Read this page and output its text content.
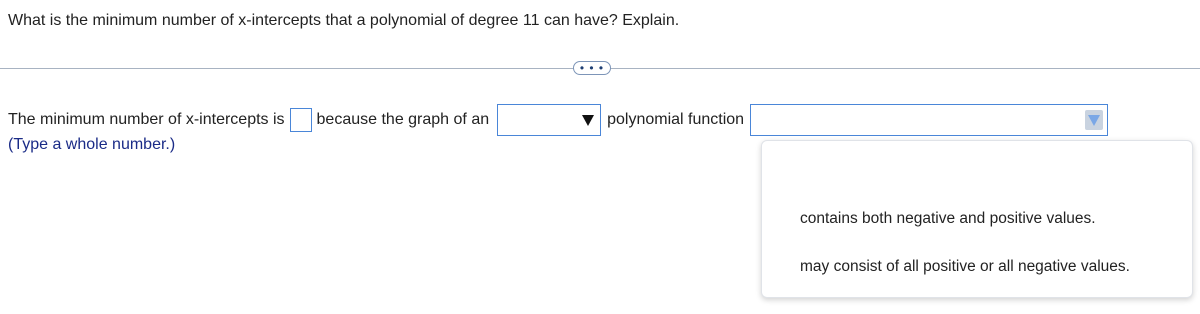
What is the minimum number of x-intercepts that a polynomial of degree 11 can have? Explain.
• • •
The minimum number of x-intercepts is because the graph of an	polynomial function
(Type a whole number.)
contains both negative and positive values.
may consist of all positive or all negative values.
